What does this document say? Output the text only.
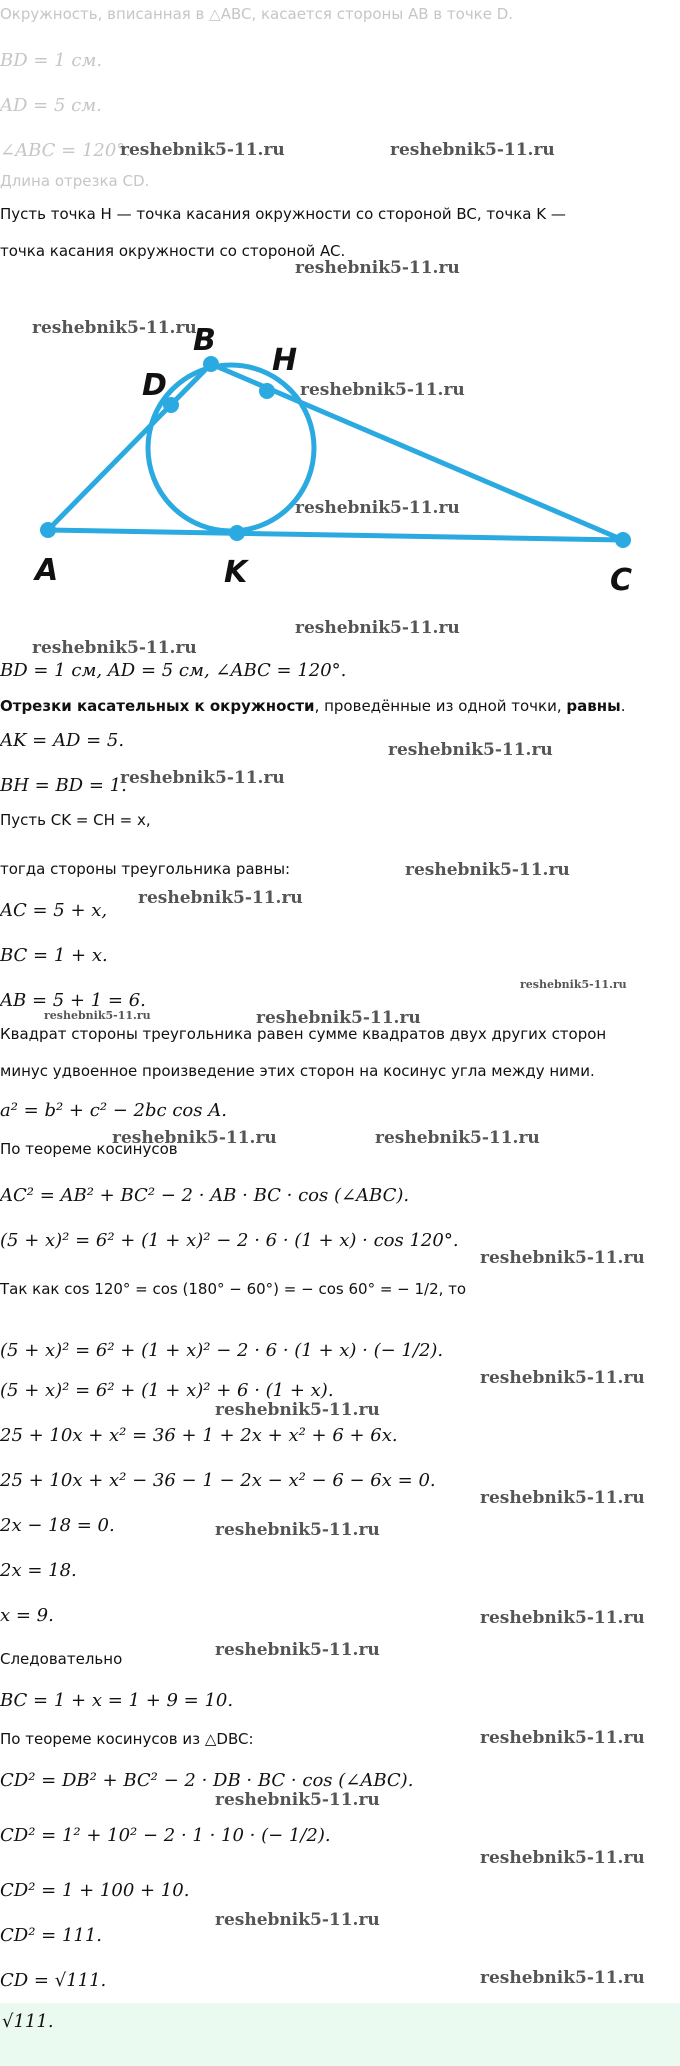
Окружность, вписанная в △ABC, касается стороны AB в точке D.
BD = 1 см.
AD = 5 см.
∠ABC = 120°.
Длина отрезка CD.
Пусть точка H — точка касания окружности со стороной BC, точка K —
точка касания окружности со стороной AC.
A
B
C
D
H
K
BD = 1 см, AD = 5 см, ∠ABC = 120°.
Отрезки касательных к окружности, проведённые из одной точки, равны.
AK = AD = 5.
BH = BD = 1.
Пусть CK = CH = x,
тогда стороны треугольника равны:
AC = 5 + x,
BC = 1 + x.
AB = 5 + 1 = 6.
Квадрат стороны треугольника равен сумме квадратов двух других сторон
минус удвоенное произведение этих сторон на косинус угла между ними.
a² = b² + c² − 2bc cos A.
По теореме косинусов
AC² = AB² + BC² − 2 · AB · BC · cos (∠ABC).
(5 + x)² = 6² + (1 + x)² − 2 · 6 · (1 + x) · cos 120°.
Так как cos 120° = cos (180° − 60°) = − cos 60° = − 1/2, то
(5 + x)² = 6² + (1 + x)² − 2 · 6 · (1 + x) · (− 1/2).
(5 + x)² = 6² + (1 + x)² + 6 · (1 + x).
25 + 10x + x² = 36 + 1 + 2x + x² + 6 + 6x.
25 + 10x + x² − 36 − 1 − 2x − x² − 6 − 6x = 0.
2x − 18 = 0.
2x = 18.
x = 9.
Следовательно
BC = 1 + x = 1 + 9 = 10.
По теореме косинусов из △DBC:
CD² = DB² + BC² − 2 · DB · BC · cos (∠ABC).
CD² = 1² + 10² − 2 · 1 · 10 · (− 1/2).
CD² = 1 + 100 + 10.
CD² = 111.
CD = √111.
√111.
reshebnik5-11.ru	reshebnik5-11.ru
reshebnik5-11.ru
reshebnik5-11.ru
reshebnik5-11.ru
reshebnik5-11.ru
reshebnik5-11.ru
reshebnik5-11.ru
reshebnik5-11.ru
reshebnik5-11.ru
reshebnik5-11.ru
reshebnik5-11.ru
reshebnik5-11.ru
reshebnik5-11.ru	reshebnik5-11.ru
reshebnik5-11.ru	reshebnik5-11.ru
reshebnik5-11.ru
reshebnik5-11.ru
reshebnik5-11.ru
reshebnik5-11.ru
reshebnik5-11.ru
reshebnik5-11.ru
reshebnik5-11.ru
reshebnik5-11.ru
reshebnik5-11.ru
reshebnik5-11.ru
reshebnik5-11.ru
reshebnik5-11.ru
